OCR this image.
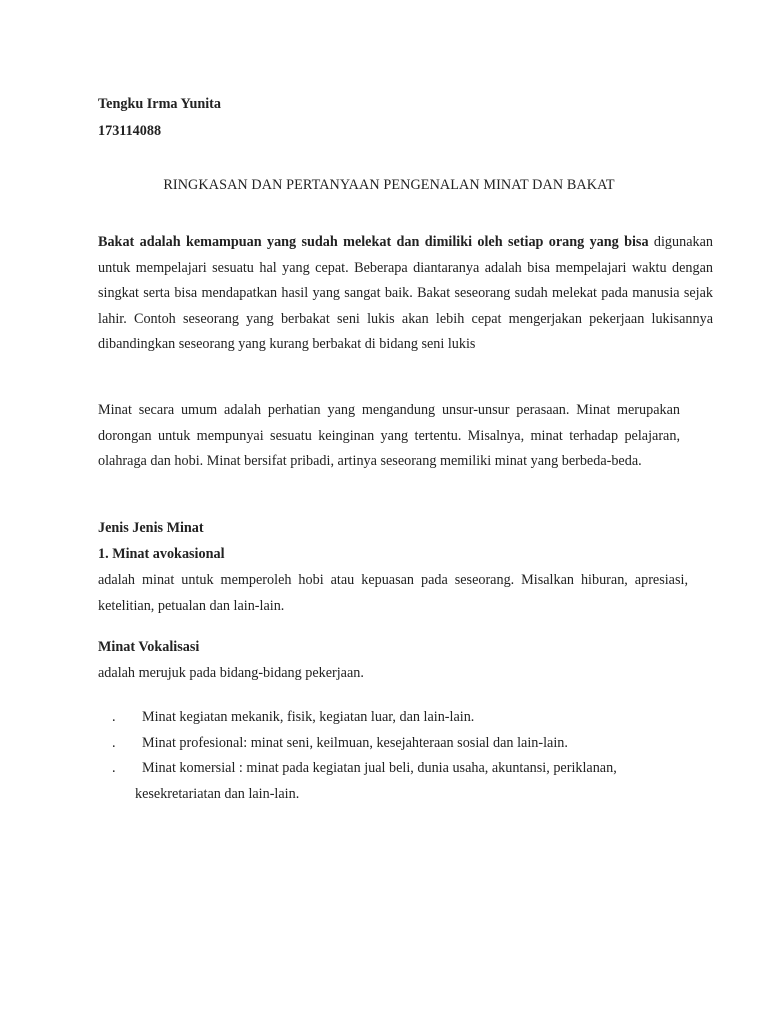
Tengku Irma Yunita
173114088
RINGKASAN DAN PERTANYAAN PENGENALAN MINAT DAN BAKAT

Bakat adalah kemampuan yang sudah melekat dan dimiliki oleh setiap orang yang bisa digunakan untuk mempelajari sesuatu hal yang cepat. Beberapa diantaranya adalah bisa mempelajari waktu dengan singkat serta bisa mendapatkan hasil yang sangat baik. Bakat seseorang sudah melekat pada manusia sejak lahir. Contoh seseorang yang berbakat seni lukis akan lebih cepat mengerjakan pekerjaan lukisannya dibandingkan seseorang yang kurang berbakat di bidang seni lukis

Minat secara umum adalah perhatian yang mengandung unsur-unsur perasaan. Minat merupakan dorongan untuk mempunyai sesuatu keinginan yang tertentu. Misalnya, minat terhadap pelajaran, olahraga dan hobi. Minat bersifat pribadi, artinya seseorang memiliki minat yang berbeda-beda.

Jenis Jenis Minat
1. Minat avokasional

adalah minat untuk memperoleh hobi atau kepuasan pada seseorang. Misalkan hiburan, apresiasi, ketelitian, petualan dan lain-lain.

Minat Vokalisasi
adalah merujuk pada bidang-bidang pekerjaan.
. Minat kegiatan mekanik, fisik, kegiatan luar, dan lain-lain.
. Minat profesional: minat seni, keilmuan, kesejahteraan sosial dan lain-lain.
. Minat komersial : minat pada kegiatan jual beli, dunia usaha, akuntansi, periklanan,
kesekretariatan dan lain-lain.
